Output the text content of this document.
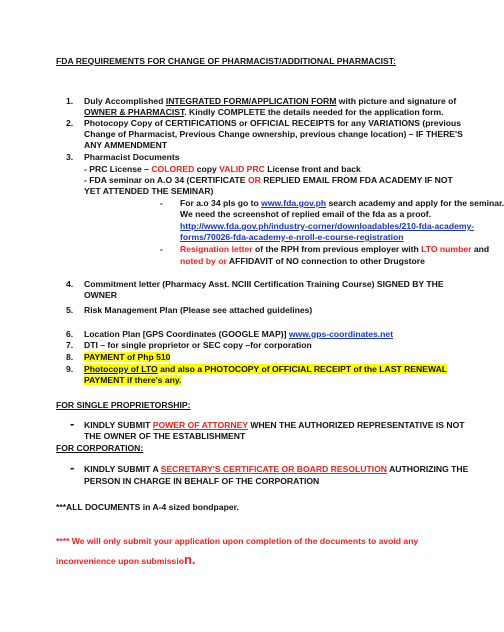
FDA REQUIREMENTS FOR CHANGE OF PHARMACIST/ADDITIONAL PHARMACIST:
1. Duly Accomplished INTEGRATED FORM/APPLICATION FORM with picture and signature of
OWNER & PHARMACIST. Kindly COMPLETE the details needed for the application form.
2. Photocopy Copy of CERTIFICATIONS or OFFICIAL RECEIPTS for any VARIATIONS (previous
Change of Pharmacist, Previous Change ownership, previous change location) – IF THERE'S
ANY AMMENDMENT
3. Pharmacist Documents
- PRC License – COLORED copy VALID PRC License front and back
- FDA seminar on A.O 34 (CERTIFICATE OR REPLIED EMAIL FROM FDA ACADEMY IF NOT
YET ATTENDED THE SEMINAR)
- For a.o 34 pls go to www.fda.gov.ph search academy and apply for the seminar.
We need the screenshot of replied email of the fda as a proof.
http://www.fda.gov.ph/industry-corner/downloadables/210-fda-academy-
forms/70026-fda-academy-e-nroll-e-course-registration
- Resignation letter of the RPH from previous employer with LTO number and
noted by or AFFIDAVIT of NO connection to other Drugstore
4. Commitment letter (Pharmacy Asst. NCIII Certification Training Course) SIGNED BY THE
OWNER
5. Risk Management Plan (Please see attached guidelines)
6. Location Plan [GPS Coordinates (GOOGLE MAP)] www.gps-coordinates.net
7. DTI – for single proprietor or SEC copy –for corporation
8. PAYMENT of Php 510
9. Photocopy of LTO and also a PHOTOCOPY of OFFICIAL RECEIPT of the LAST RENEWAL
PAYMENT if there's any.
FOR SINGLE PROPRIETORSHIP:
- KINDLY SUBMIT POWER OF ATTORNEY WHEN THE AUTHORIZED REPRESENTATIVE IS NOT
THE OWNER OF THE ESTABLISHMENT
FOR CORPORATION:
- KINDLY SUBMIT A SECRETARY'S CERTIFICATE OR BOARD RESOLUTION AUTHORIZING THE
PERSON IN CHARGE IN BEHALF OF THE CORPORATION
***ALL DOCUMENTS in A-4 sized bondpaper.
**** We will only submit your application upon completion of the documents to avoid any
inconvenience upon submission.
